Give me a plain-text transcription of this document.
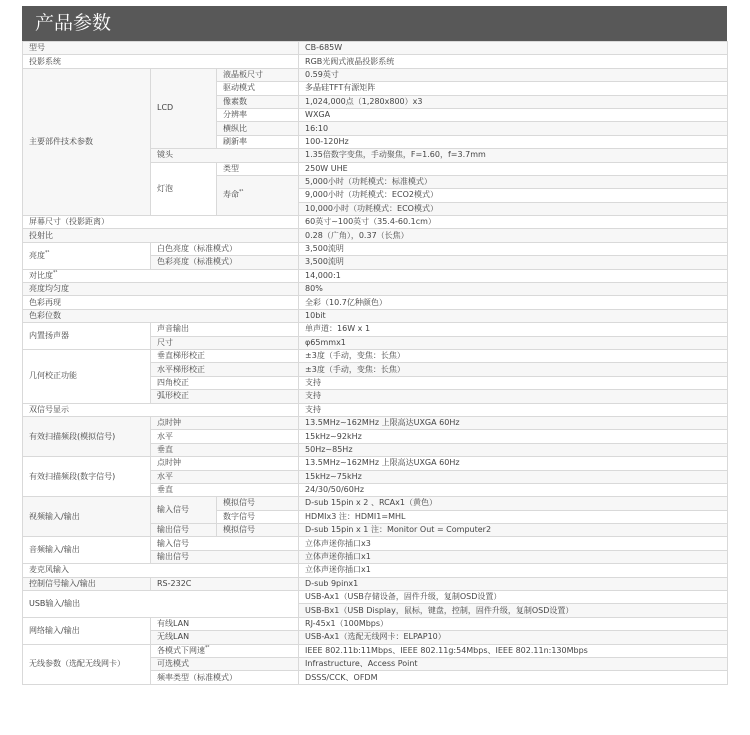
产品参数
型号			CB-685W
投影系统			RGB光阀式液晶投影系统
主要部件技术参数	LCD	液晶板尺寸	0.59英寸
		驱动模式	多晶硅TFT有源矩阵
		像素数	1,024,000点（1,280x800）x3
		分辨率	WXGA
		横纵比	16:10
		刷新率	100-120Hz
	镜头		1.35倍数字变焦，手动聚焦，F=1.60，f=3.7mm
	灯泡	类型	250W UHE
		寿命$^{*^1}$	5,000小时（功耗模式：标准模式）
			9,000小时（功耗模式：ECO2模式）
			10,000小时（功耗模式：ECO模式）
屏幕尺寸（投影距离）			60英寸~100英寸（35.4-60.1cm）
投射比			0.28（广角），0.37（长焦）
亮度$^{*^1}$	白色亮度（标准模式）		3,500流明
	色彩亮度（标准模式）		3,500流明
对比度$^{*^1}$			14,000:1
亮度均匀度			80%
色彩再现			全彩（10.7亿种颜色）
色彩位数			10bit
内置扬声器	声音输出		单声道：16W x 1
	尺寸		φ65mmx1
几何校正功能	垂直梯形校正		±3度（手动，变焦：长焦）
	水平梯形校正		±3度（手动，变焦：长焦）
	四角校正		支持
	弧形校正		支持
双信号显示			支持
有效扫描频段(模拟信号)	点时钟		13.5MHz~162MHz 上限高达UXGA 60Hz
	水平		15kHz~92kHz
	垂直		50Hz~85Hz
有效扫描频段(数字信号)	点时钟		13.5MHz~162MHz 上限高达UXGA 60Hz
	水平		15kHz~75kHz
	垂直		24/30/50/60Hz
视频输入/输出	输入信号	模拟信号	D-sub 15pin x 2 、RCAx1（黄色）
		数字信号	HDMIx3 注：HDMI1=MHL
	输出信号	模拟信号	D-sub 15pin x 1 注：Monitor Out = Computer2
音频输入/输出	输入信号		立体声迷你插口x3
	输出信号		立体声迷你插口x1
麦克风输入			立体声迷你插口x1
控制信号输入/输出	RS-232C		D-sub 9pinx1
USB输入/输出			USB-Ax1（USB存储设备，固件升级，复制OSD设置）
			USB-Bx1（USB Display，鼠标，键盘，控制，固件升级，复制OSD设置）
网络输入/输出	有线LAN		RJ-45x1（100Mbps）
	无线LAN		USB-Ax1（选配无线网卡：ELPAP10）
无线参数（选配无线网卡）	各模式下网速$^{*^2}$		IEEE 802.11b:11Mbps、IEEE 802.11g:54Mbps、IEEE 802.11n:130Mbps
	可选模式		Infrastructure、Access Point
	频率类型（标准模式）		DSSS/CCK、OFDM
